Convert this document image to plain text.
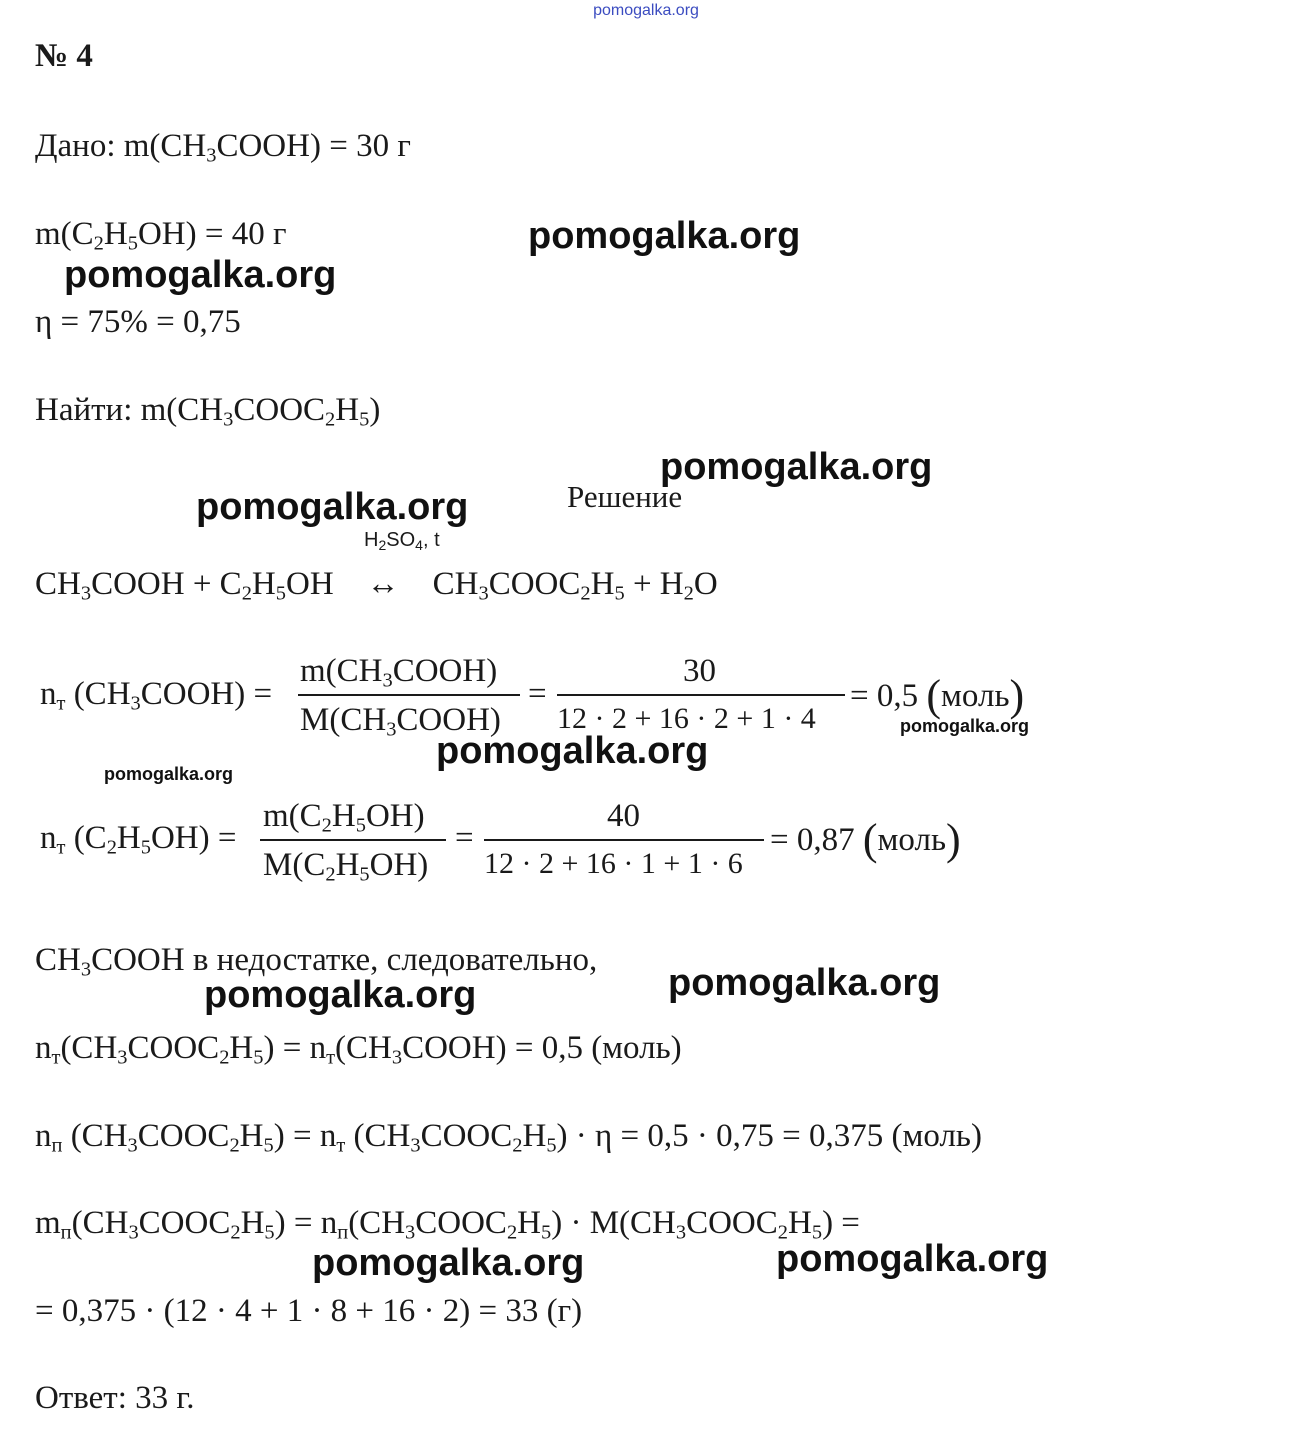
pomogalka.org
№ 4
Дано: $m(CH_3COOH) = 30$ г
$m(C_2H_5OH) = 40$ г
η = 75% = 0,75
Найти: $m(CH_3COOC_2H_5)$
Решение
$H_2SO_4$, t
$CH_3COOH + C_2H_5OH$    ↔    $CH_3COOC_2H_5 + H_2O$
$n_т$ $(CH_3COOH)$ =
$m(CH_3COOH)$
$M(CH_3COOH)$
=
30
12 · 2 + 16 · 2 + 1 · 4
= 0,5 (моль)
$n_т$ $(C_2H_5OH)$ =
$m(C_2H_5OH)$
$M(C_2H_5OH)$
=
40
12 · 2 + 16 · 1 + 1 · 6
= 0,87 (моль)
$CH_3COOH$ в недостатке, следовательно,
$n_т(CH_3COOC_2H_5)$ = $n_т(CH_3COOH) = 0,5$ (моль)
$n_п$ $(CH_3COOC_2H_5) = n_т$ $(CH_3COOC_2H_5) \cdot \eta = 0,5 \cdot 0,75 = 0,375$ (моль)
$m_п(CH_3COOC_2H_5)$ = $n_п(CH_3COOC_2H_5)$ · $M(CH_3COOC_2H_5)$ =
= 0,375 · (12 · 4 + 1 · 8 + 16 · 2) = 33 (г)
Ответ: 33 г.
pomogalka.org
pomogalka.org
pomogalka.org
pomogalka.org
pomogalka.org
pomogalka.org
pomogalka.org
pomogalka.org
pomogalka.org
pomogalka.org
pomogalka.org
